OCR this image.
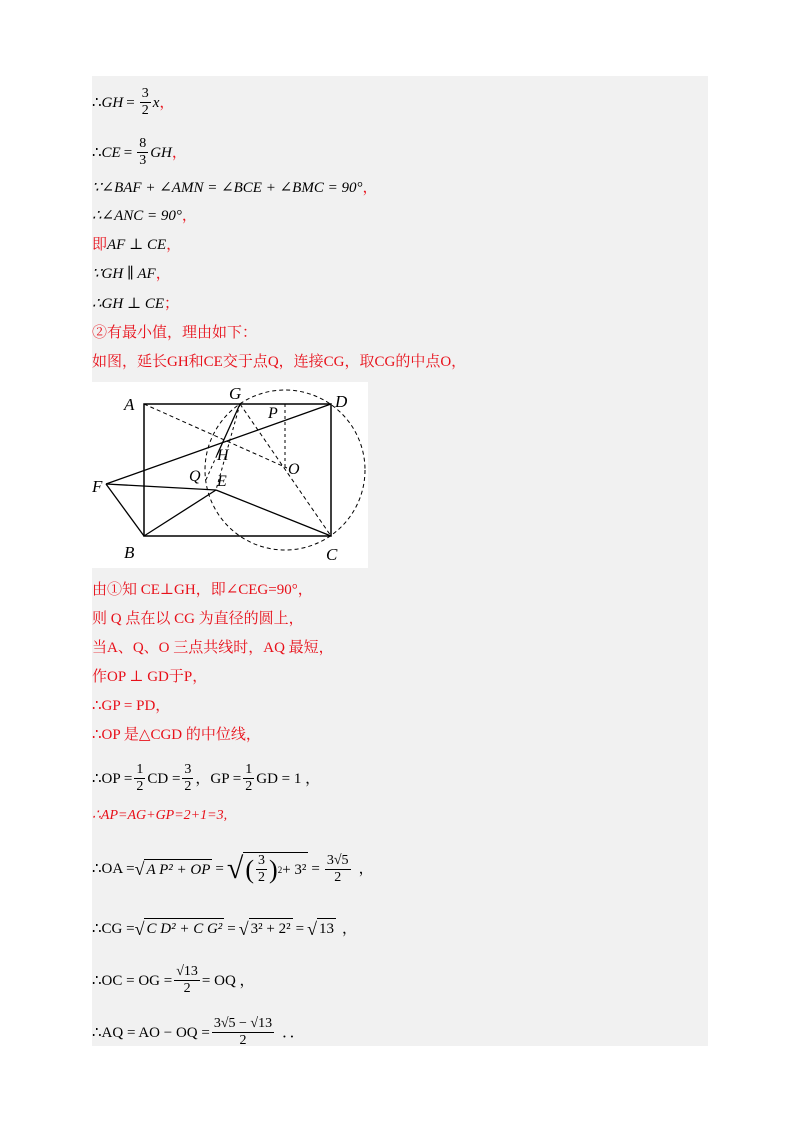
∴ GH = $\frac{3}{2}$ x ，
∴ CE = $\frac{8}{3}$ GH ，
∵∠BAF + ∠AMN = ∠BCE + ∠BMC = 90° ，
∴∠ANC = 90° ，
即 AF ⊥ CE ，
∵GH ∥ AF ，
∴GH ⊥ CE ；
②有最小值，理由如下：
如图，延长GH和CE交于点Q，连接CG，取CG的中点O，
A
G
P
D
H
O
F
Q E
B	C
由①知 CE⊥GH，即∠CEG=90°，
则 Q 点在以 CG 为直径的圆上，
当A、Q、O 三点共线时，AQ 最短，
作OP ⊥ GD于P，
∴GP = PD，
∴OP 是△CGD 的中位线，
∴OP = $\frac{1}{2}$ CD = $\frac{3}{2}$ ，GP = $\frac{1}{2}$ GD = 1 ，
∴AP=AG+GP=2+1=3,
∴OA = √ A P² + OP = √ ( $\frac{3}{2}$ ) $2 + 3^2 = \frac{3√5}{2}$ ，
∴CG = √ C D² + C G² = √ 3² + 2² = √ 13 ，
∴OC = OG = $\frac{√13}{2}$ = OQ ，
∴AQ = AO − OQ = $\frac{3√5 - √13}{2}$ ．．
